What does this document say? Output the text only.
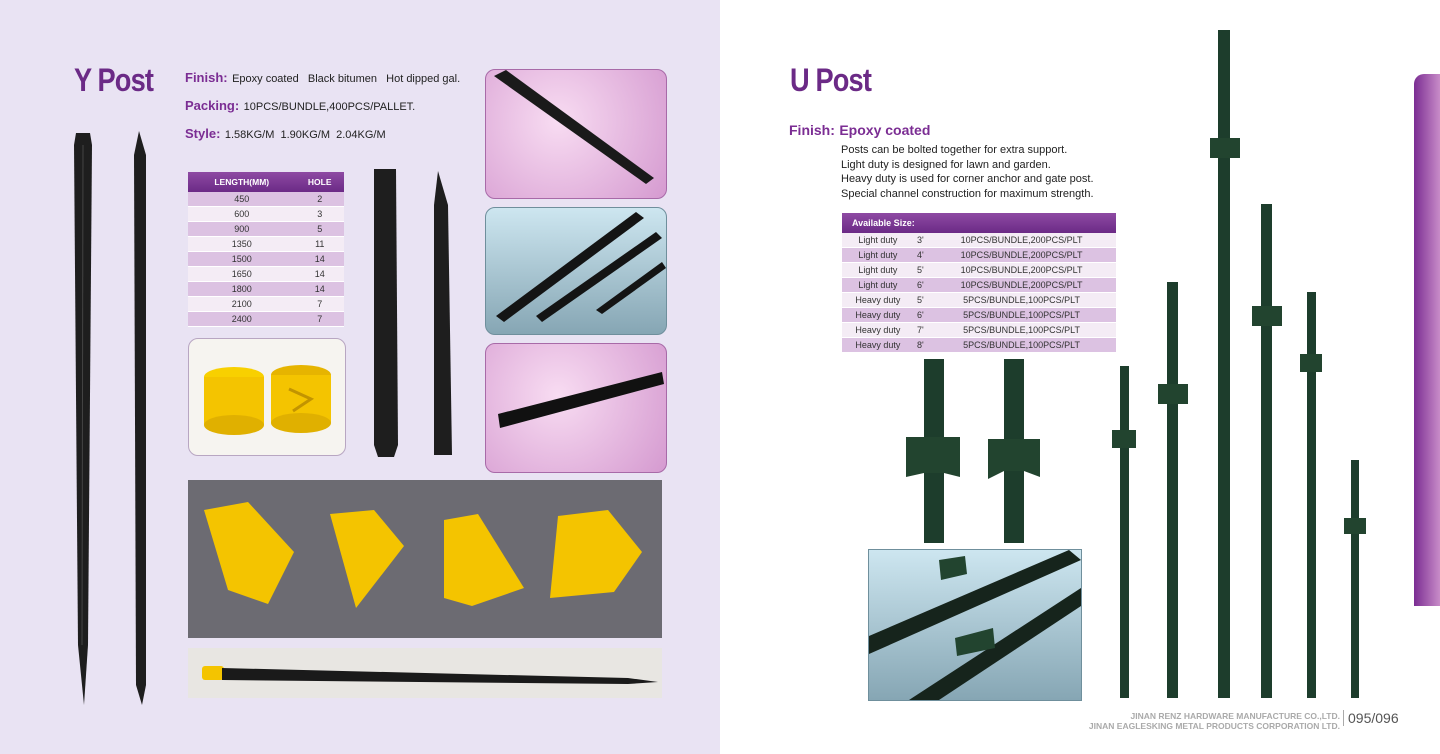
Y Post Finish: Epoxy coated   Black bitumen   Hot dipped gal.
Packing: 10PCS/BUNDLE,400PCS/PALLET.
Style: 1.58KG/M  1.90KG/M  2.04KG/M
LENGTH(MM)	HOLE
450	2
600	3
900	5
1350	11
1500	14
1650	14
1800	14
2100	7
2400	7
U Post
Finish: Epoxy coated
Posts can be bolted together for extra support.
Light duty is designed for lawn and garden.
Heavy duty is used for corner anchor and gate post.
Special channel construction for maximum strength.
Available Size:		
Light duty	3'	10PCS/BUNDLE,200PCS/PLT
Light duty	4'	10PCS/BUNDLE,200PCS/PLT
Light duty	5'	10PCS/BUNDLE,200PCS/PLT
Light duty	6'	10PCS/BUNDLE,200PCS/PLT
Heavy duty	5'	5PCS/BUNDLE,100PCS/PLT
Heavy duty	6'	5PCS/BUNDLE,100PCS/PLT
Heavy duty	7'	5PCS/BUNDLE,100PCS/PLT
Heavy duty	8'	5PCS/BUNDLE,100PCS/PLT
JINAN RENZ HARDWARE MANUFACTURE CO.,LTD.
JINAN EAGLESKING METAL PRODUCTS CORPORATION LTD. 095/096
